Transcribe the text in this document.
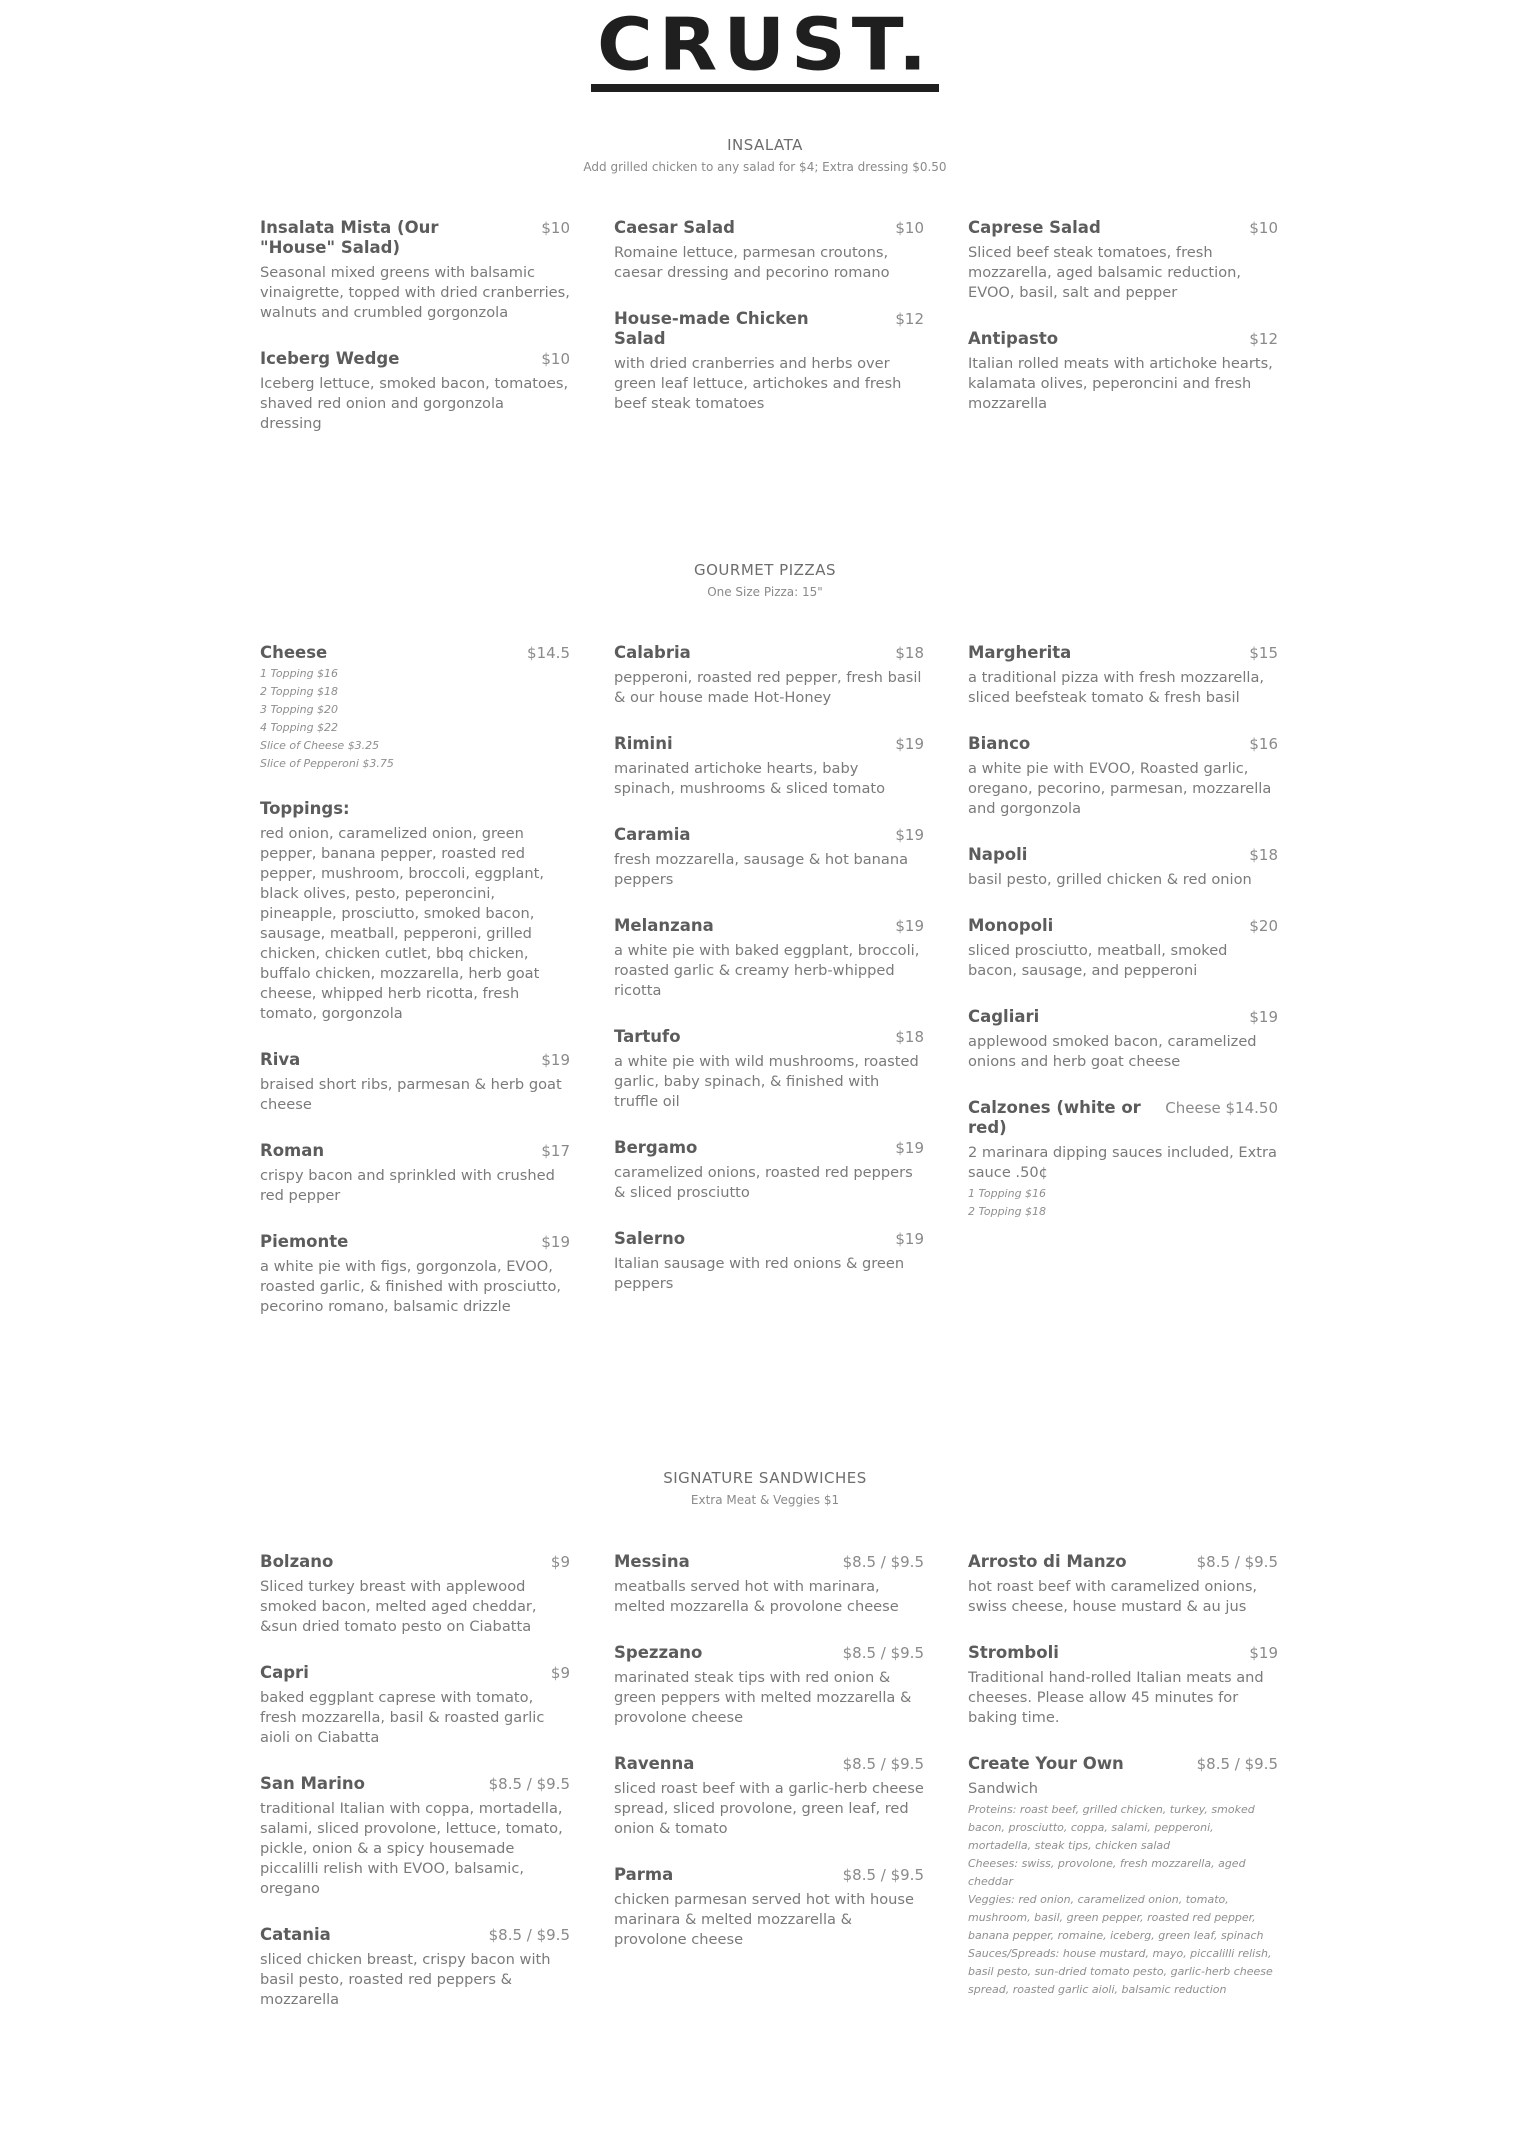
CRUST.
INSALATA
Add grilled chicken to any salad for $4; Extra dressing $0.50
Insalata Mista (Our "House" Salad)
$10
Seasonal mixed greens with balsamic vinaigrette, topped with dried cranberries, walnuts and crumbled gorgonzola
Iceberg Wedge	$10
Iceberg lettuce, smoked bacon, tomatoes, shaved red onion and gorgonzola dressing
Caesar Salad	$10
Romaine lettuce, parmesan croutons, caesar dressing and pecorino romano
House-made Chicken Salad
$12
with dried cranberries and herbs over green leaf lettuce, artichokes and fresh beef steak tomatoes
Caprese Salad	$10
Sliced beef steak tomatoes, fresh mozzarella, aged balsamic reduction, EVOO, basil, salt and pepper
Antipasto	$12
Italian rolled meats with artichoke hearts, kalamata olives, peperoncini and fresh mozzarella
GOURMET PIZZAS
One Size Pizza: 15"
Cheese	$14.5
1 Topping $16
2 Topping $18
3 Topping $20
4 Topping $22
Slice of Cheese $3.25
Slice of Pepperoni $3.75
Toppings:
red onion, caramelized onion, green pepper, banana pepper, roasted red pepper, mushroom, broccoli, eggplant, black olives, pesto, peperoncini, pineapple, prosciutto, smoked bacon, sausage, meatball, pepperoni, grilled chicken, chicken cutlet, bbq chicken, buffalo chicken, mozzarella, herb goat cheese, whipped herb ricotta, fresh tomato, gorgonzola
Riva	$19
braised short ribs, parmesan & herb goat cheese
Roman	$17
crispy bacon and sprinkled with crushed red pepper
Piemonte	$19
a white pie with figs, gorgonzola, EVOO, roasted garlic, & finished with prosciutto, pecorino romano, balsamic drizzle
Calabria	$18
pepperoni, roasted red pepper, fresh basil & our house made Hot-Honey
Rimini	$19
marinated artichoke hearts, baby spinach, mushrooms & sliced tomato
Caramia	$19
fresh mozzarella, sausage & hot banana peppers
Melanzana	$19
a white pie with baked eggplant, broccoli, roasted garlic & creamy herb-whipped ricotta
Tartufo	$18
a white pie with wild mushrooms, roasted garlic, baby spinach, & finished with truffle oil
Bergamo	$19
caramelized onions, roasted red peppers & sliced prosciutto
Salerno	$19
Italian sausage with red onions & green peppers
Margherita	$15
a traditional pizza with fresh mozzarella, sliced beefsteak tomato & fresh basil
Bianco	$16
a white pie with EVOO, Roasted garlic, oregano, pecorino, parmesan, mozzarella and gorgonzola
Napoli	$18
basil pesto, grilled chicken & red onion
Monopoli	$20
sliced prosciutto, meatball, smoked bacon, sausage, and pepperoni
Cagliari	$19
applewood smoked bacon, caramelized onions and herb goat cheese
Calzones (white or red)
Cheese $14.50
2 marinara dipping sauces included, Extra sauce .50¢
1 Topping $16
2 Topping $18
SIGNATURE SANDWICHES
Extra Meat & Veggies $1
Bolzano	$9
Sliced turkey breast with applewood smoked bacon, melted aged cheddar, &sun dried tomato pesto on Ciabatta
Capri	$9
baked eggplant caprese with tomato, fresh mozzarella, basil & roasted garlic aioli on Ciabatta
San Marino	$8.5 / $9.5
traditional Italian with coppa, mortadella, salami, sliced provolone, lettuce, tomato, pickle, onion & a spicy housemade piccalilli relish with EVOO, balsamic, oregano
Catania	$8.5 / $9.5
sliced chicken breast, crispy bacon with basil pesto, roasted red peppers & mozzarella
Messina	$8.5 / $9.5
meatballs served hot with marinara, melted mozzarella & provolone cheese
Spezzano	$8.5 / $9.5
marinated steak tips with red onion & green peppers with melted mozzarella & provolone cheese
Ravenna	$8.5 / $9.5
sliced roast beef with a garlic-herb cheese spread, sliced provolone, green leaf, red onion & tomato
Parma	$8.5 / $9.5
chicken parmesan served hot with house marinara & melted mozzarella & provolone cheese
Arrosto di Manzo	$8.5 / $9.5
hot roast beef with caramelized onions, swiss cheese, house mustard & au jus
Stromboli	$19
Traditional hand-rolled Italian meats and cheeses. Please allow 45 minutes for baking time.
Create Your Own	$8.5 / $9.5
Sandwich
Proteins: roast beef, grilled chicken, turkey, smoked bacon, prosciutto, coppa, salami, pepperoni, mortadella, steak tips, chicken salad
Cheeses: swiss, provolone, fresh mozzarella, aged cheddar
Veggies: red onion, caramelized onion, tomato, mushroom, basil, green pepper, roasted red pepper, banana pepper, romaine, iceberg, green leaf, spinach
Sauces/Spreads: house mustard, mayo, piccalilli relish, basil pesto, sun-dried tomato pesto, garlic-herb cheese spread, roasted garlic aioli, balsamic reduction
